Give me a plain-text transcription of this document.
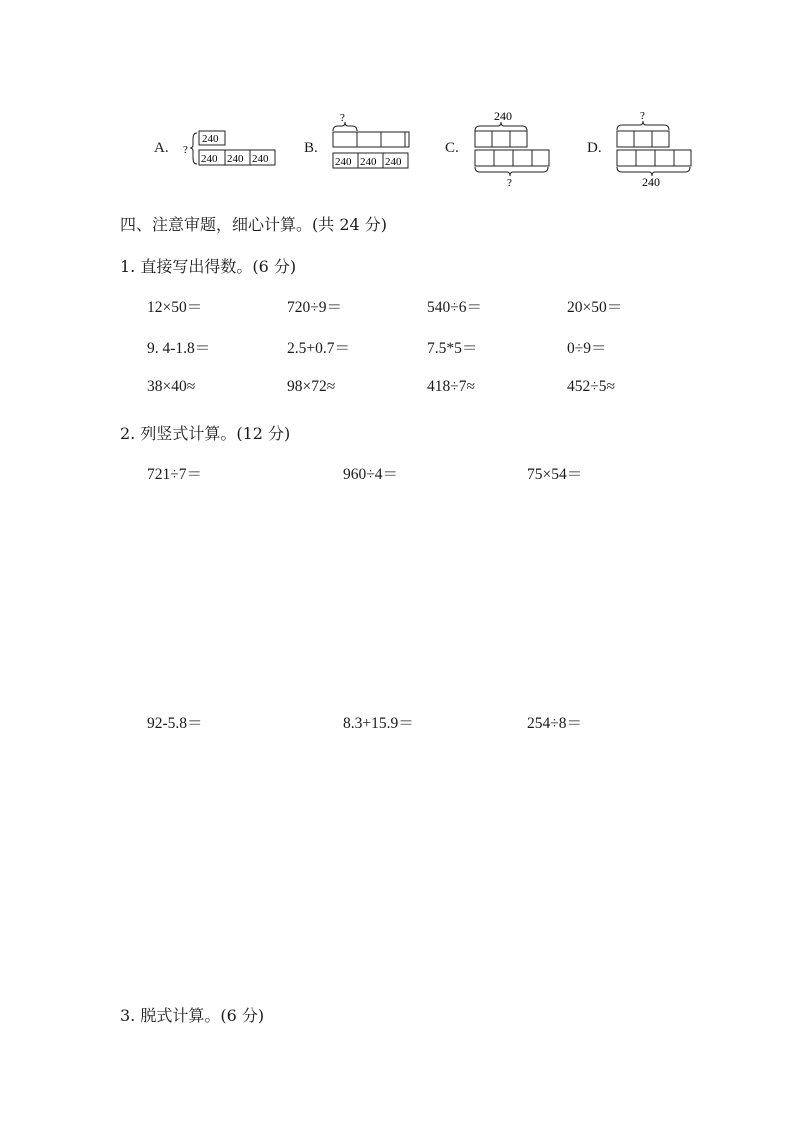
A. ?
240
240 240 240
B.
?
240 240 240
C.
240
?
D.
?
240
四、注意审题，细心计算。(共 24 分)
1. 直接写出得数。(6 分)
12×50＝	720÷9＝	540÷6＝	20×50＝
9. 4-1.8＝	2.5+0.7＝	7.5*5＝	0÷9＝
38×40≈	98×72≈	418÷7≈	452÷5≈
2. 列竖式计算。(12 分)
721÷7＝	960÷4＝	75×54＝
92-5.8＝	8.3+15.9＝	254÷8＝
3. 脱式计算。(6 分)
